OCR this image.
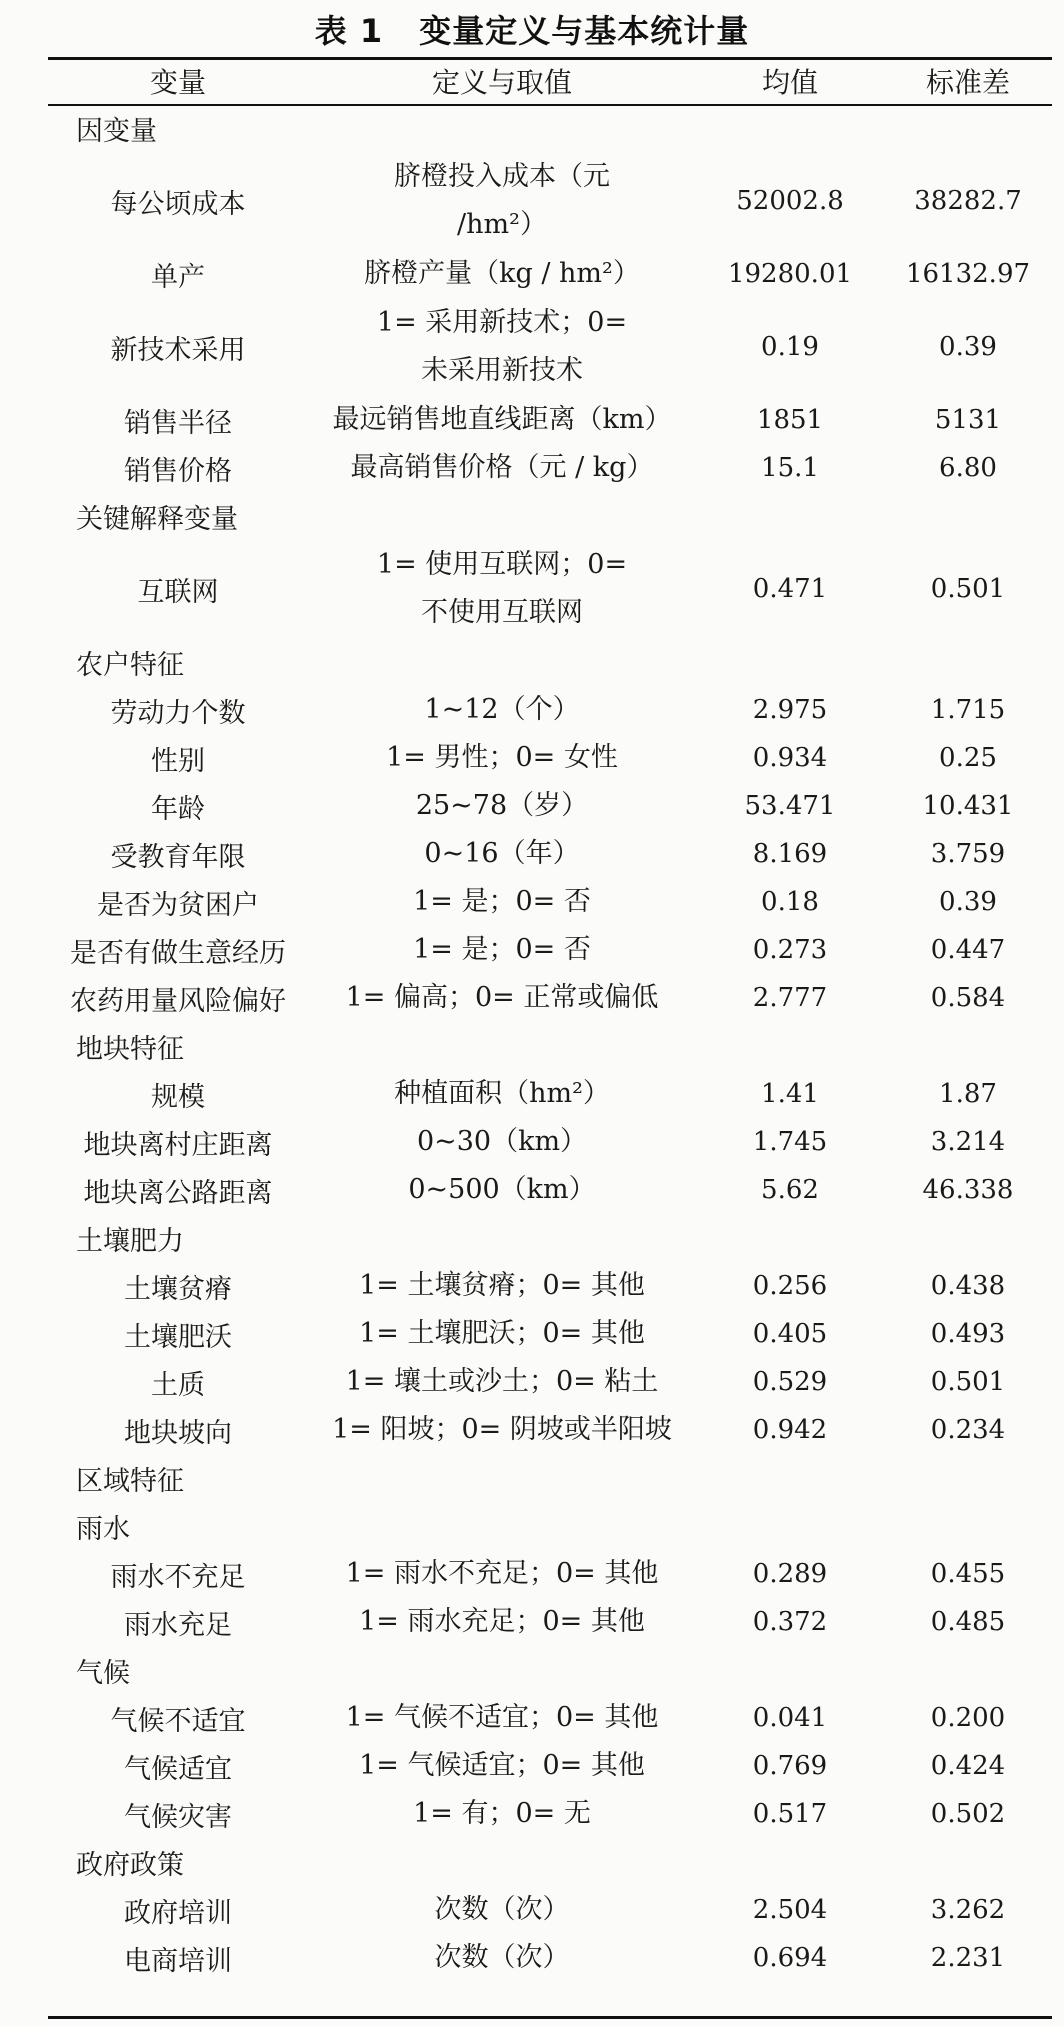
表 1 变量定义与基本统计量
变量	定义与取值	均值	标准差
因变量			
每公顷成本	脐橙投入成本（元 /hm²）	52002.8	38282.7
单产	脐橙产量（kg / hm²）	19280.01	16132.97
新技术采用	1= 采用新技术；0= 未采用新技术	0.19	0.39
销售半径	最远销售地直线距离（km）	1851	5131
销售价格	最高销售价格（元 / kg）	15.1	6.80
关键解释变量			
互联网	1= 使用互联网；0= 不使用互联网	0.471	0.501
农户特征			
劳动力个数	1~12（个）	2.975	1.715
性别	1= 男性；0= 女性	0.934	0.25
年龄	25~78（岁）	53.471	10.431
受教育年限	0~16（年）	8.169	3.759
是否为贫困户	1= 是；0= 否	0.18	0.39
是否有做生意经历	1= 是；0= 否	0.273	0.447
农药用量风险偏好	1= 偏高；0= 正常或偏低	2.777	0.584
地块特征			
规模	种植面积（hm²）	1.41	1.87
地块离村庄距离	0~30（km）	1.745	3.214
地块离公路距离	0~500（km）	5.62	46.338
土壤肥力			
土壤贫瘠	1= 土壤贫瘠；0= 其他	0.256	0.438
土壤肥沃	1= 土壤肥沃；0= 其他	0.405	0.493
土质	1= 壤土或沙土；0= 粘土	0.529	0.501
地块坡向	1= 阳坡；0= 阴坡或半阳坡	0.942	0.234
区域特征			
雨水			
雨水不充足	1= 雨水不充足；0= 其他	0.289	0.455
雨水充足	1= 雨水充足；0= 其他	0.372	0.485
气候			
气候不适宜	1= 气候不适宜；0= 其他	0.041	0.200
气候适宜	1= 气候适宜；0= 其他	0.769	0.424
气候灾害	1= 有；0= 无	0.517	0.502
政府政策			
政府培训	次数（次）	2.504	3.262
电商培训	次数（次）	0.694	2.231
